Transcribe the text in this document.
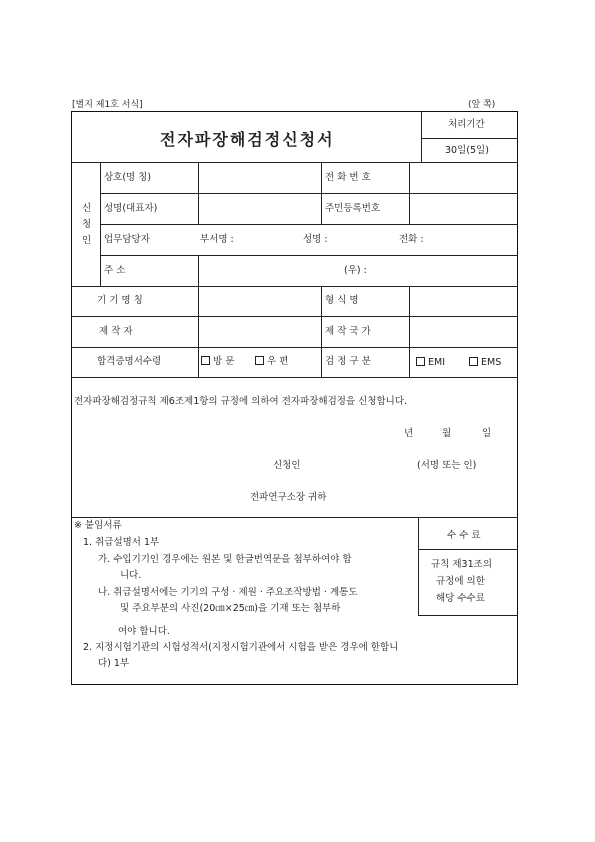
[별지 제1호 서식]	(앞 쪽)
전자파장해검정신청서
처리기간
30일(5일)
신
청
인
상호(명 칭)	전 화 번 호
성명(대표자)	주민등록번호
업무담당자	부서명 :	성명 :	전화 :
주 소	(우) :
기 기 명 칭	형 식 명
제 작 자	제 작 국 가
합격증명서수령	방 문	우 편	검 정 구 분	EMI	EMS
전자파장해검정규칙 제6조제1항의 규정에 의하여 전자파장해검정을 신청합니다.
년	월	일
신청인	(서명 또는 인)
전파연구소장 귀하
※ 붙임서류
1. 취급설명서 1부
가. 수입기기인 경우에는 원본 및 한글번역문을 첨부하여야 합
니다.
나. 취급설명서에는 기기의 구성 · 제원 · 주요조작방법 · 계통도
및 주요부분의 사진(20㎝×25㎝)을 기재 또는 첨부하
여야 합니다.
2. 지정시험기관의 시험성적서(지정시험기관에서 시험을 받은 경우에 한합니
다) 1부
수 수 료
규칙 제31조의
규정에 의한
해당 수수료
